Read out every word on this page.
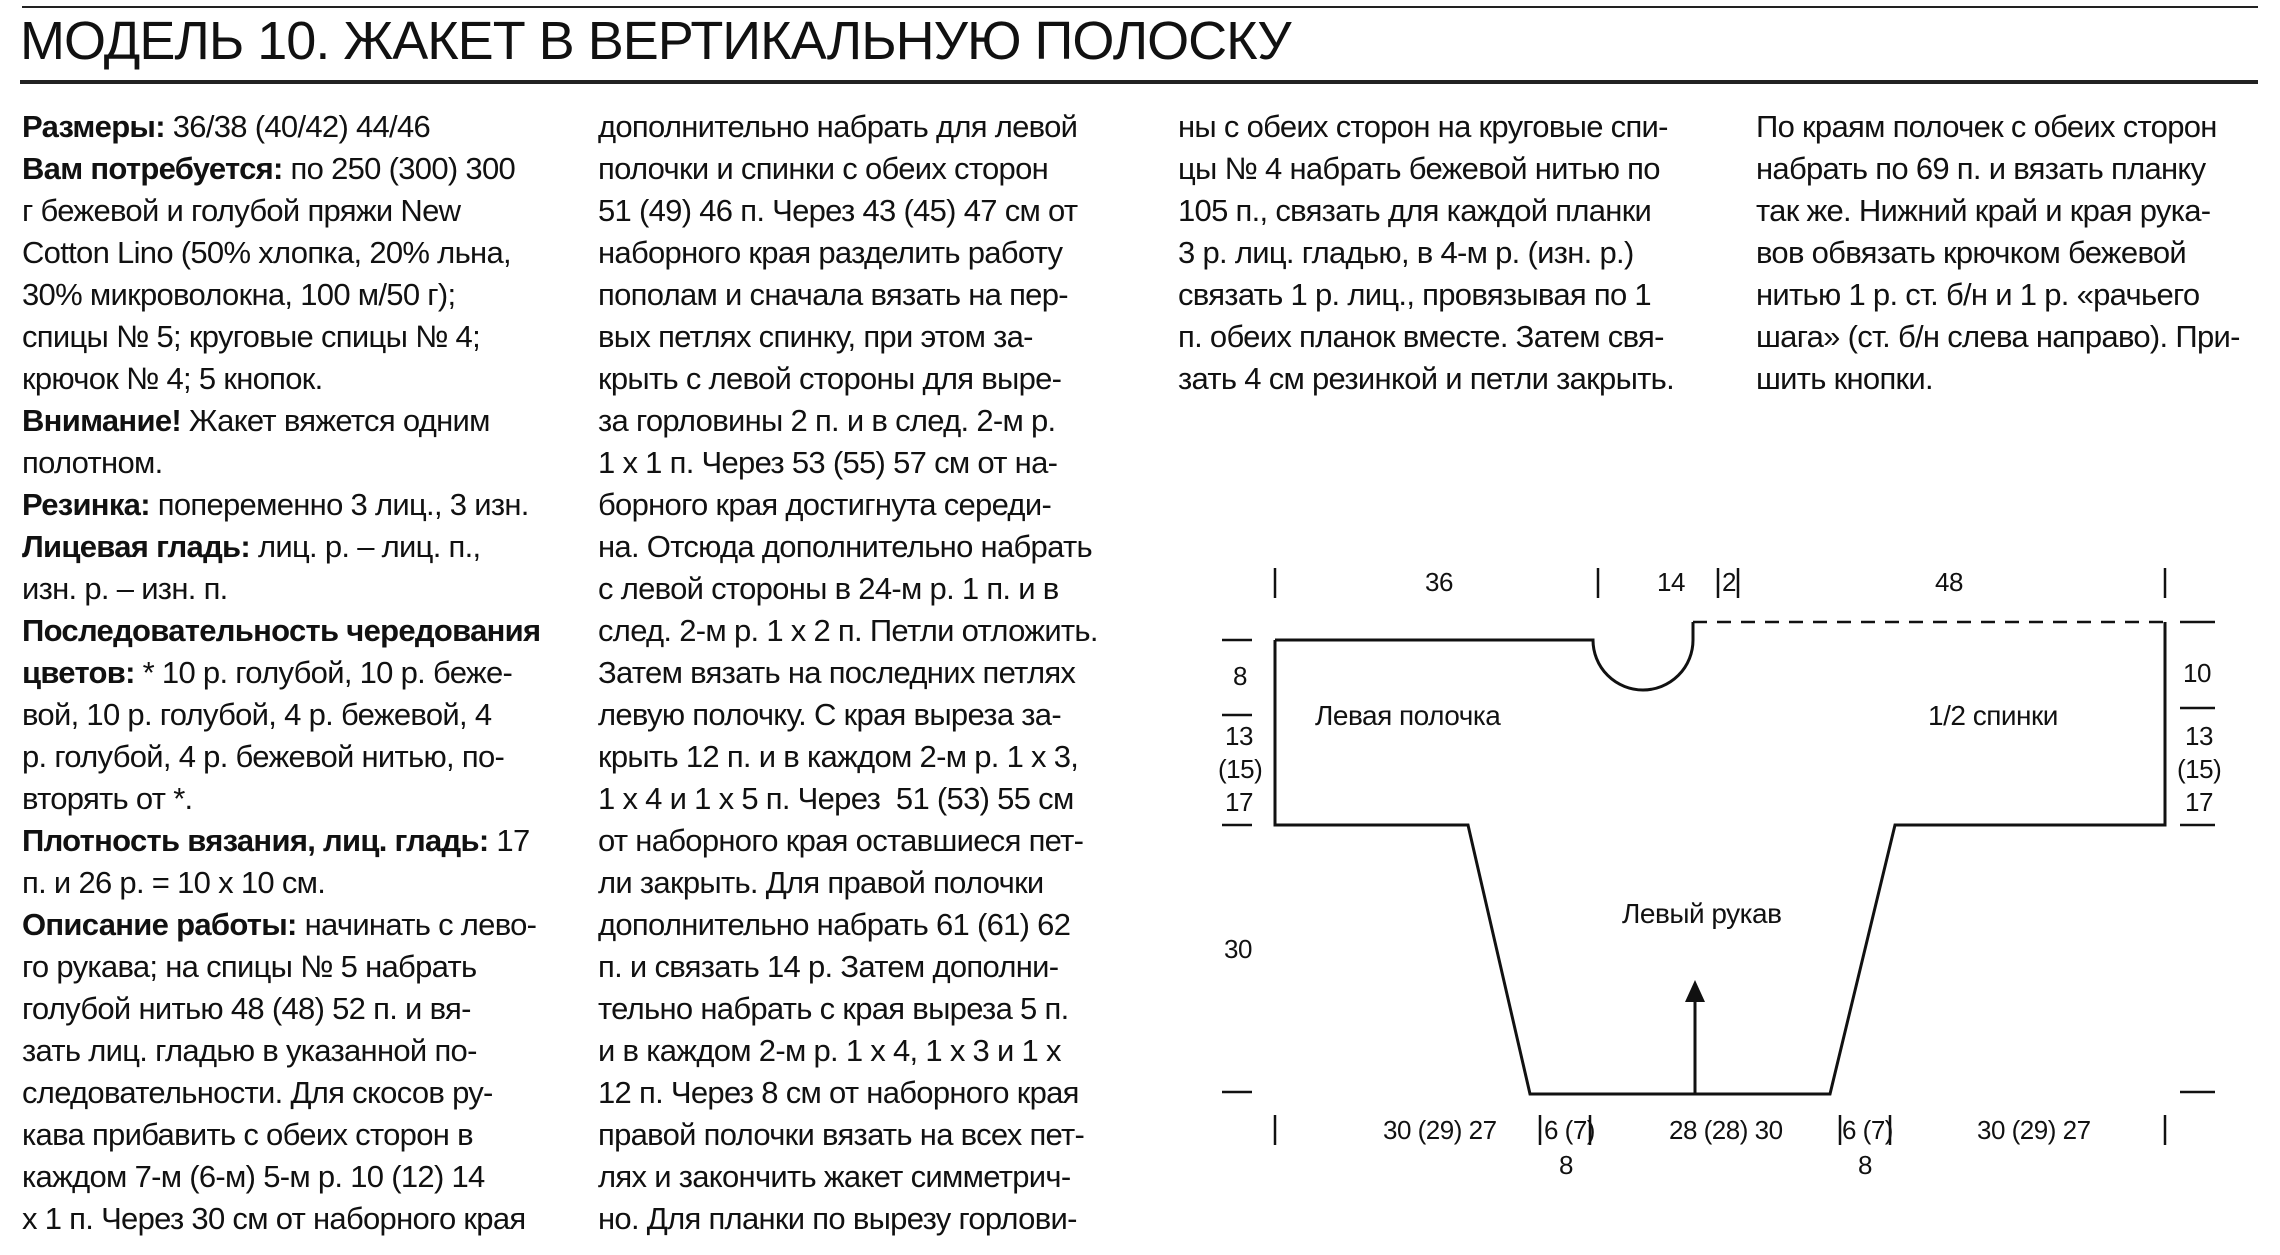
МОДЕЛЬ 10. ЖАКЕТ В ВЕРТИКАЛЬНУЮ ПОЛОСКУ
Размеры: 36/38 (40/42) 44/46
Вам потребуется: по 250 (300) 300
г бежевой и голубой пряжи New
Cotton Lino (50% хлопка, 20% льна,
30% микроволокна, 100 м/50 г);
спицы № 5; круговые спицы № 4;
крючок № 4; 5 кнопок.
Внимание! Жакет вяжется одним
полотном.
Резинка: попеременно 3 лиц., 3 изн.
Лицевая гладь: лиц. р. – лиц. п.,
изн. р. – изн. п.
Последовательность чередования
цветов: * 10 р. голубой, 10 р. беже-
вой, 10 р. голубой, 4 р. бежевой, 4
р. голубой, 4 р. бежевой нитью, по-
вторять от *.
Плотность вязания, лиц. гладь: 17
п. и 26 р. = 10 x 10 см.
Описание работы: начинать с лево-
го рукава; на спицы № 5 набрать
голубой нитью 48 (48) 52 п. и вя-
зать лиц. гладью в указанной по-
следовательности. Для скосов ру-
кава прибавить с обеих сторон в
каждом 7-м (6-м) 5-м р. 10 (12) 14
x 1 п. Через 30 см от наборного края
дополнительно набрать для левой
полочки и спинки с обеих сторон
51 (49) 46 п. Через 43 (45) 47 см от
наборного края разделить работу
пополам и сначала вязать на пер-
вых петлях спинку, при этом за-
крыть с левой стороны для выре-
за горловины 2 п. и в след. 2-м р.
1 x 1 п. Через 53 (55) 57 см от на-
борного края достигнута середи-
на. Отсюда дополнительно набрать
с левой стороны в 24-м р. 1 п. и в
след. 2-м р. 1 x 2 п. Петли отложить.
Затем вязать на последних петлях
левую полочку. С края выреза за-
крыть 12 п. и в каждом 2-м р. 1 x 3,
1 x 4 и 1 x 5 п. Через  51 (53) 55 см
от наборного края оставшиеся пет-
ли закрыть. Для правой полочки
дополнительно набрать 61 (61) 62
п. и связать 14 р. Затем дополни-
тельно набрать с края выреза 5 п.
и в каждом 2-м р. 1 x 4, 1 x 3 и 1 x
12 п. Через 8 см от наборного края
правой полочки вязать на всех пет-
лях и закончить жакет симметрич-
но. Для планки по вырезу горлови-
ны с обеих сторон на круговые спи-
цы № 4 набрать бежевой нитью по
105 п., связать для каждой планки
3 р. лиц. гладью, в 4-м р. (изн. р.)
связать 1 р. лиц., провязывая по 1
п. обеих планок вместе. Затем свя-
зать 4 см резинкой и петли закрыть.
По краям полочек с обеих сторон
набрать по 69 п. и вязать планку
так же. Нижний край и края рука-
вов обвязать крючком бежевой
нитью 1 р. ст. б/н и 1 р. «рачьего
шага» (ст. б/н слева направо). При-
шить кнопки.
36	14 2	48
8
13
(15)
17
30
10
13
(15)
17
Левая полочка	1/2 спинки
Левый рукав
30 (29) 27 6 (7)
8
28 (28) 30 6 (7)
8
30 (29) 27
